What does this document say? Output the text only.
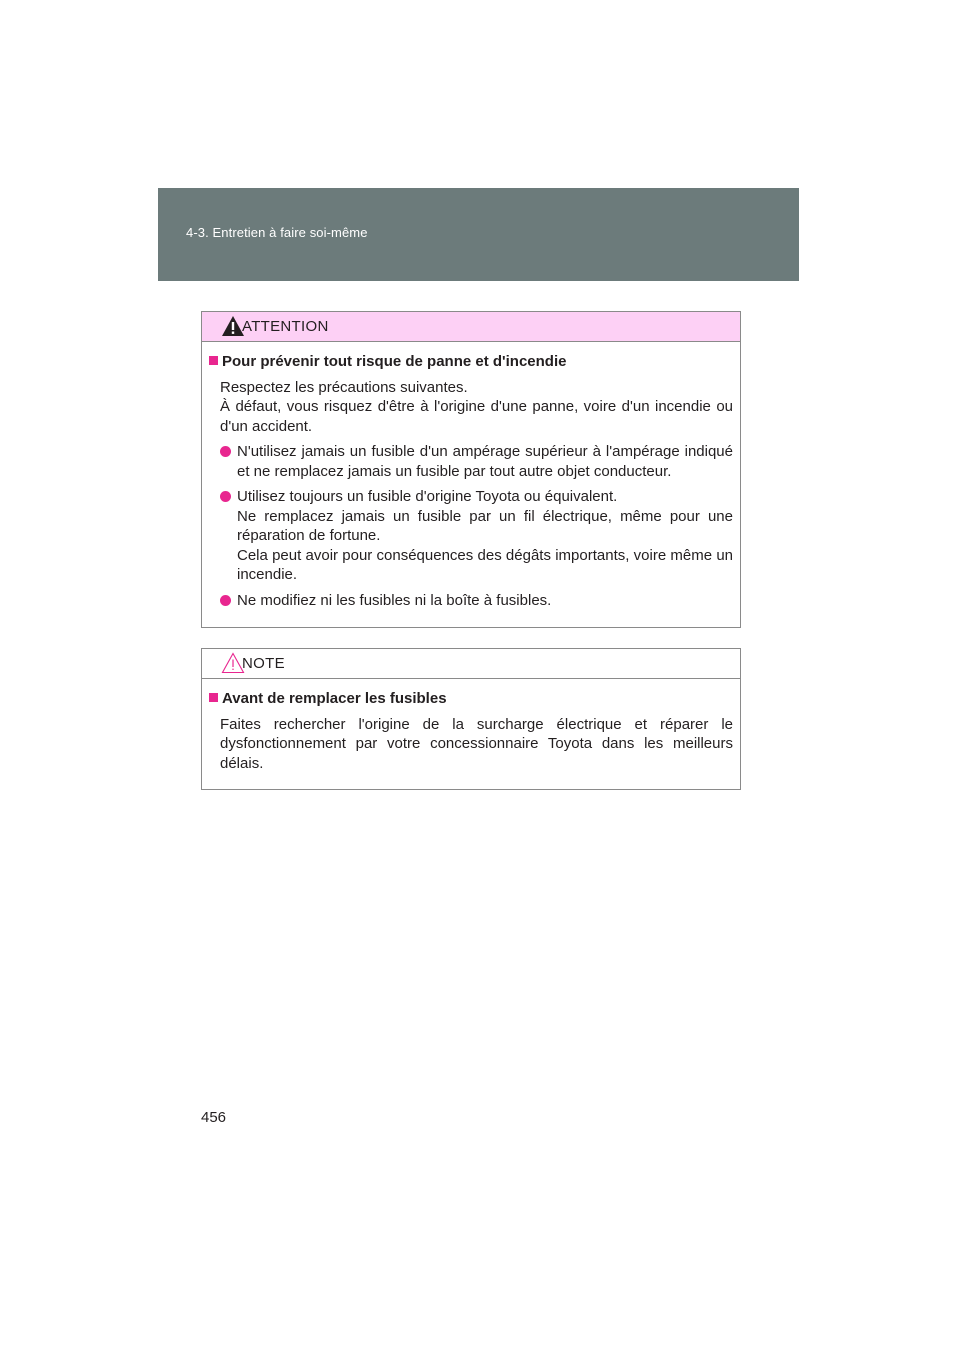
4-3. Entretien à faire soi-même
ATTENTION
Pour prévenir tout risque de panne et d'incendie
Respectez les précautions suivantes.
À défaut, vous risquez d'être à l'origine d'une panne, voire d'un incendie ou d'un accident.
N'utilisez jamais un fusible d'un ampérage supérieur à l'ampérage indiqué et ne remplacez jamais un fusible par tout autre objet conducteur.
Utilisez toujours un fusible d'origine Toyota ou équivalent.
Ne remplacez jamais un fusible par un fil électrique, même pour une réparation de fortune.
Cela peut avoir pour conséquences des dégâts importants, voire même un incendie.
Ne modifiez ni les fusibles ni la boîte à fusibles.
NOTE
Avant de remplacer les fusibles
Faites rechercher l'origine de la surcharge électrique et réparer le dysfonctionnement par votre concessionnaire Toyota dans les meilleurs délais.
456
